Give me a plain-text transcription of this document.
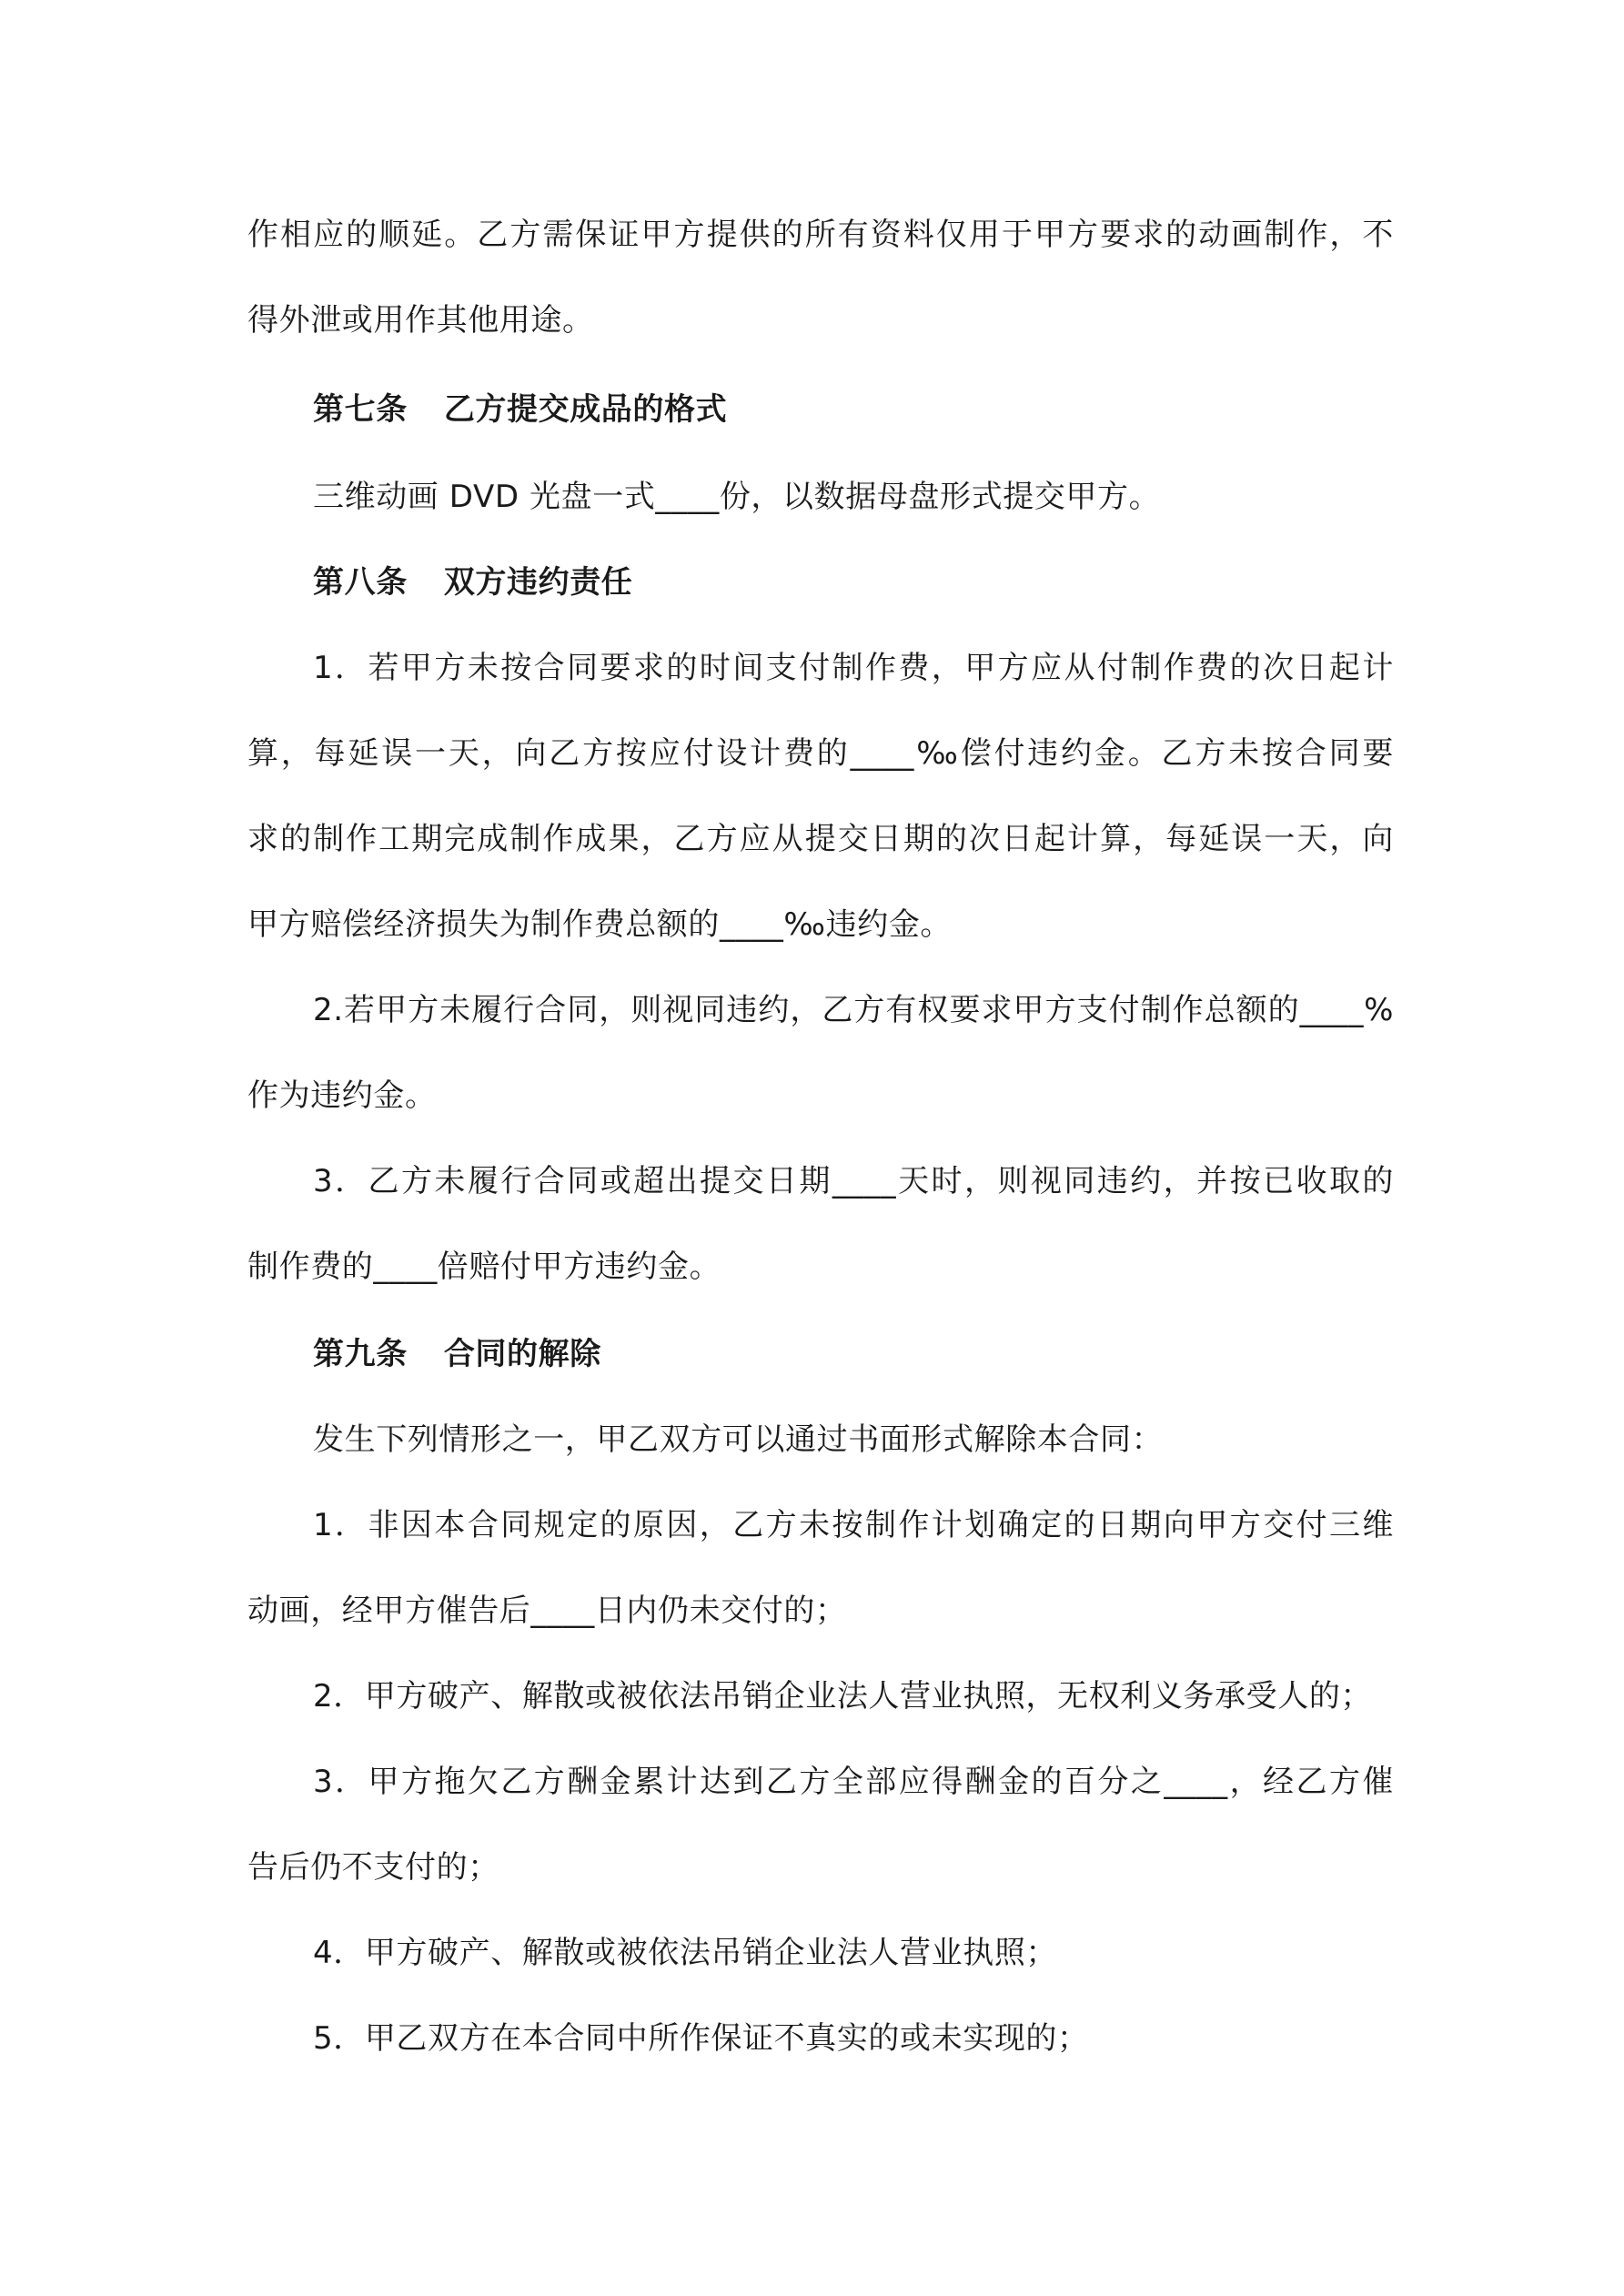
作相应的顺延。乙方需保证甲方提供的所有资料仅用于甲方要求的动画制作，不
得外泄或用作其他用途。
第七条 乙方提交成品的格式
三维动画 DVD 光盘一式____份，以数据母盘形式提交甲方。
第八条 双方违约责任
1．若甲方未按合同要求的时间支付制作费，甲方应从付制作费的次日起计
算，每延误一天，向乙方按应付设计费的____‰偿付违约金。乙方未按合同要
求的制作工期完成制作成果，乙方应从提交日期的次日起计算，每延误一天，向
甲方赔偿经济损失为制作费总额的____‰违约金。
2.若甲方未履行合同，则视同违约，乙方有权要求甲方支付制作总额的____%
作为违约金。
3．乙方未履行合同或超出提交日期____天时，则视同违约，并按已收取的
制作费的____倍赔付甲方违约金。
第九条 合同的解除
发生下列情形之一，甲乙双方可以通过书面形式解除本合同：
1．非因本合同规定的原因，乙方未按制作计划确定的日期向甲方交付三维
动画，经甲方催告后____日内仍未交付的；
2．甲方破产、解散或被依法吊销企业法人营业执照，无权利义务承受人的；
3．甲方拖欠乙方酬金累计达到乙方全部应得酬金的百分之____，经乙方催
告后仍不支付的；
4．甲方破产、解散或被依法吊销企业法人营业执照；
5．甲乙双方在本合同中所作保证不真实的或未实现的；
